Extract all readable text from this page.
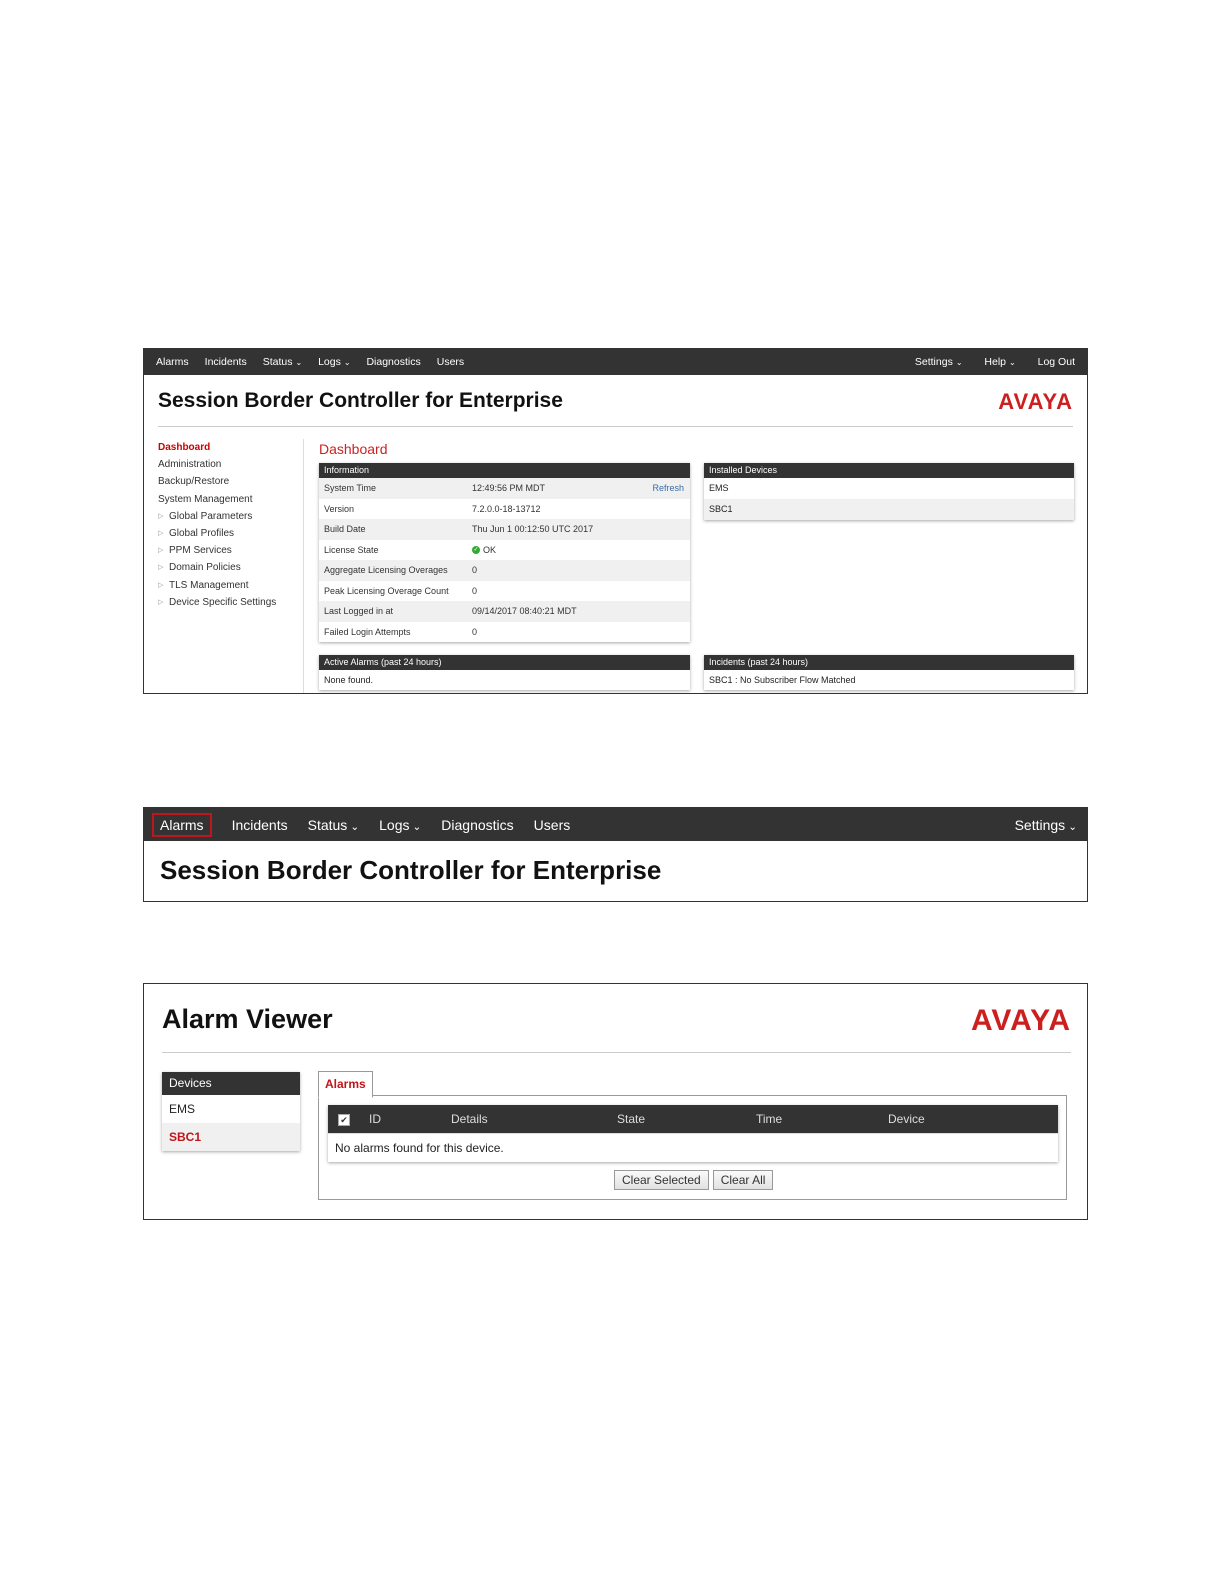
Alarms Incidents Status ⌄ Logs ⌄ Diagnostics Users	Settings ⌄ Help ⌄ Log Out
Session Border Controller for Enterprise	AVAYA
Dashboard
Administration
Backup/Restore
System Management
▷ Global Parameters
▷ Global Profiles
▷ PPM Services
▷ Domain Policies
▷ TLS Management
▷ Device Specific Settings
Dashboard
Information
System Time	12:49:56 PM MDT	Refresh
Version	7.2.0.0-18-13712
Build Date	Thu Jun 1 00:12:50 UTC 2017
License State	✓ OK
Aggregate Licensing Overages	0
Peak Licensing Overage Count	0
Last Logged in at	09/14/2017 08:40:21 MDT
Failed Login Attempts	0
Installed Devices
EMS
SBC1
Active Alarms (past 24 hours)
None found.
Incidents (past 24 hours)
SBC1 : No Subscriber Flow Matched
Alarms	Incidents Status ⌄ Logs ⌄ Diagnostics Users	Settings ⌄
Session Border Controller for Enterprise
Alarm Viewer	AVAYA
Devices
EMS
SBC1
Alarms
✔ ID	Details	State	Time	Device
No alarms found for this device.
Clear Selected	Clear All
